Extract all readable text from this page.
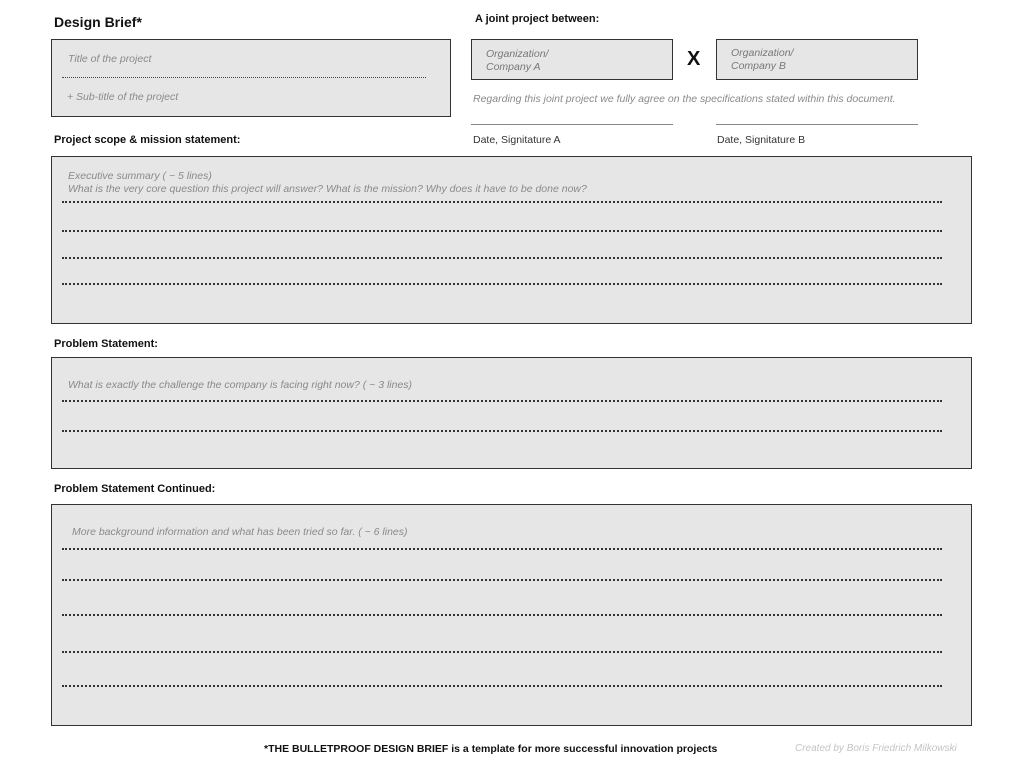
Design Brief*	A joint project between:
Title of the project
+ Sub-title of the project
Organization/
Company A	X	Organization/
Company B
Regarding this joint project we fully agree on the specifications stated within this document.
Date, Signitature A	Date, Signitature B
Project scope & mission statement:
Executive summary ( ~ 5 lines)
What is the very core question this project will answer? What is the mission? Why does it have to be done now?
Problem Statement:
What is exactly the challenge the company is facing right now? ( ~ 3 lines)
Problem Statement Continued:
More background information and what has been tried so far. ( ~ 6 lines)
*THE BULLETPROOF DESIGN BRIEF is a template for more successful innovation projects	Created by Boris Friedrich Milkowski
